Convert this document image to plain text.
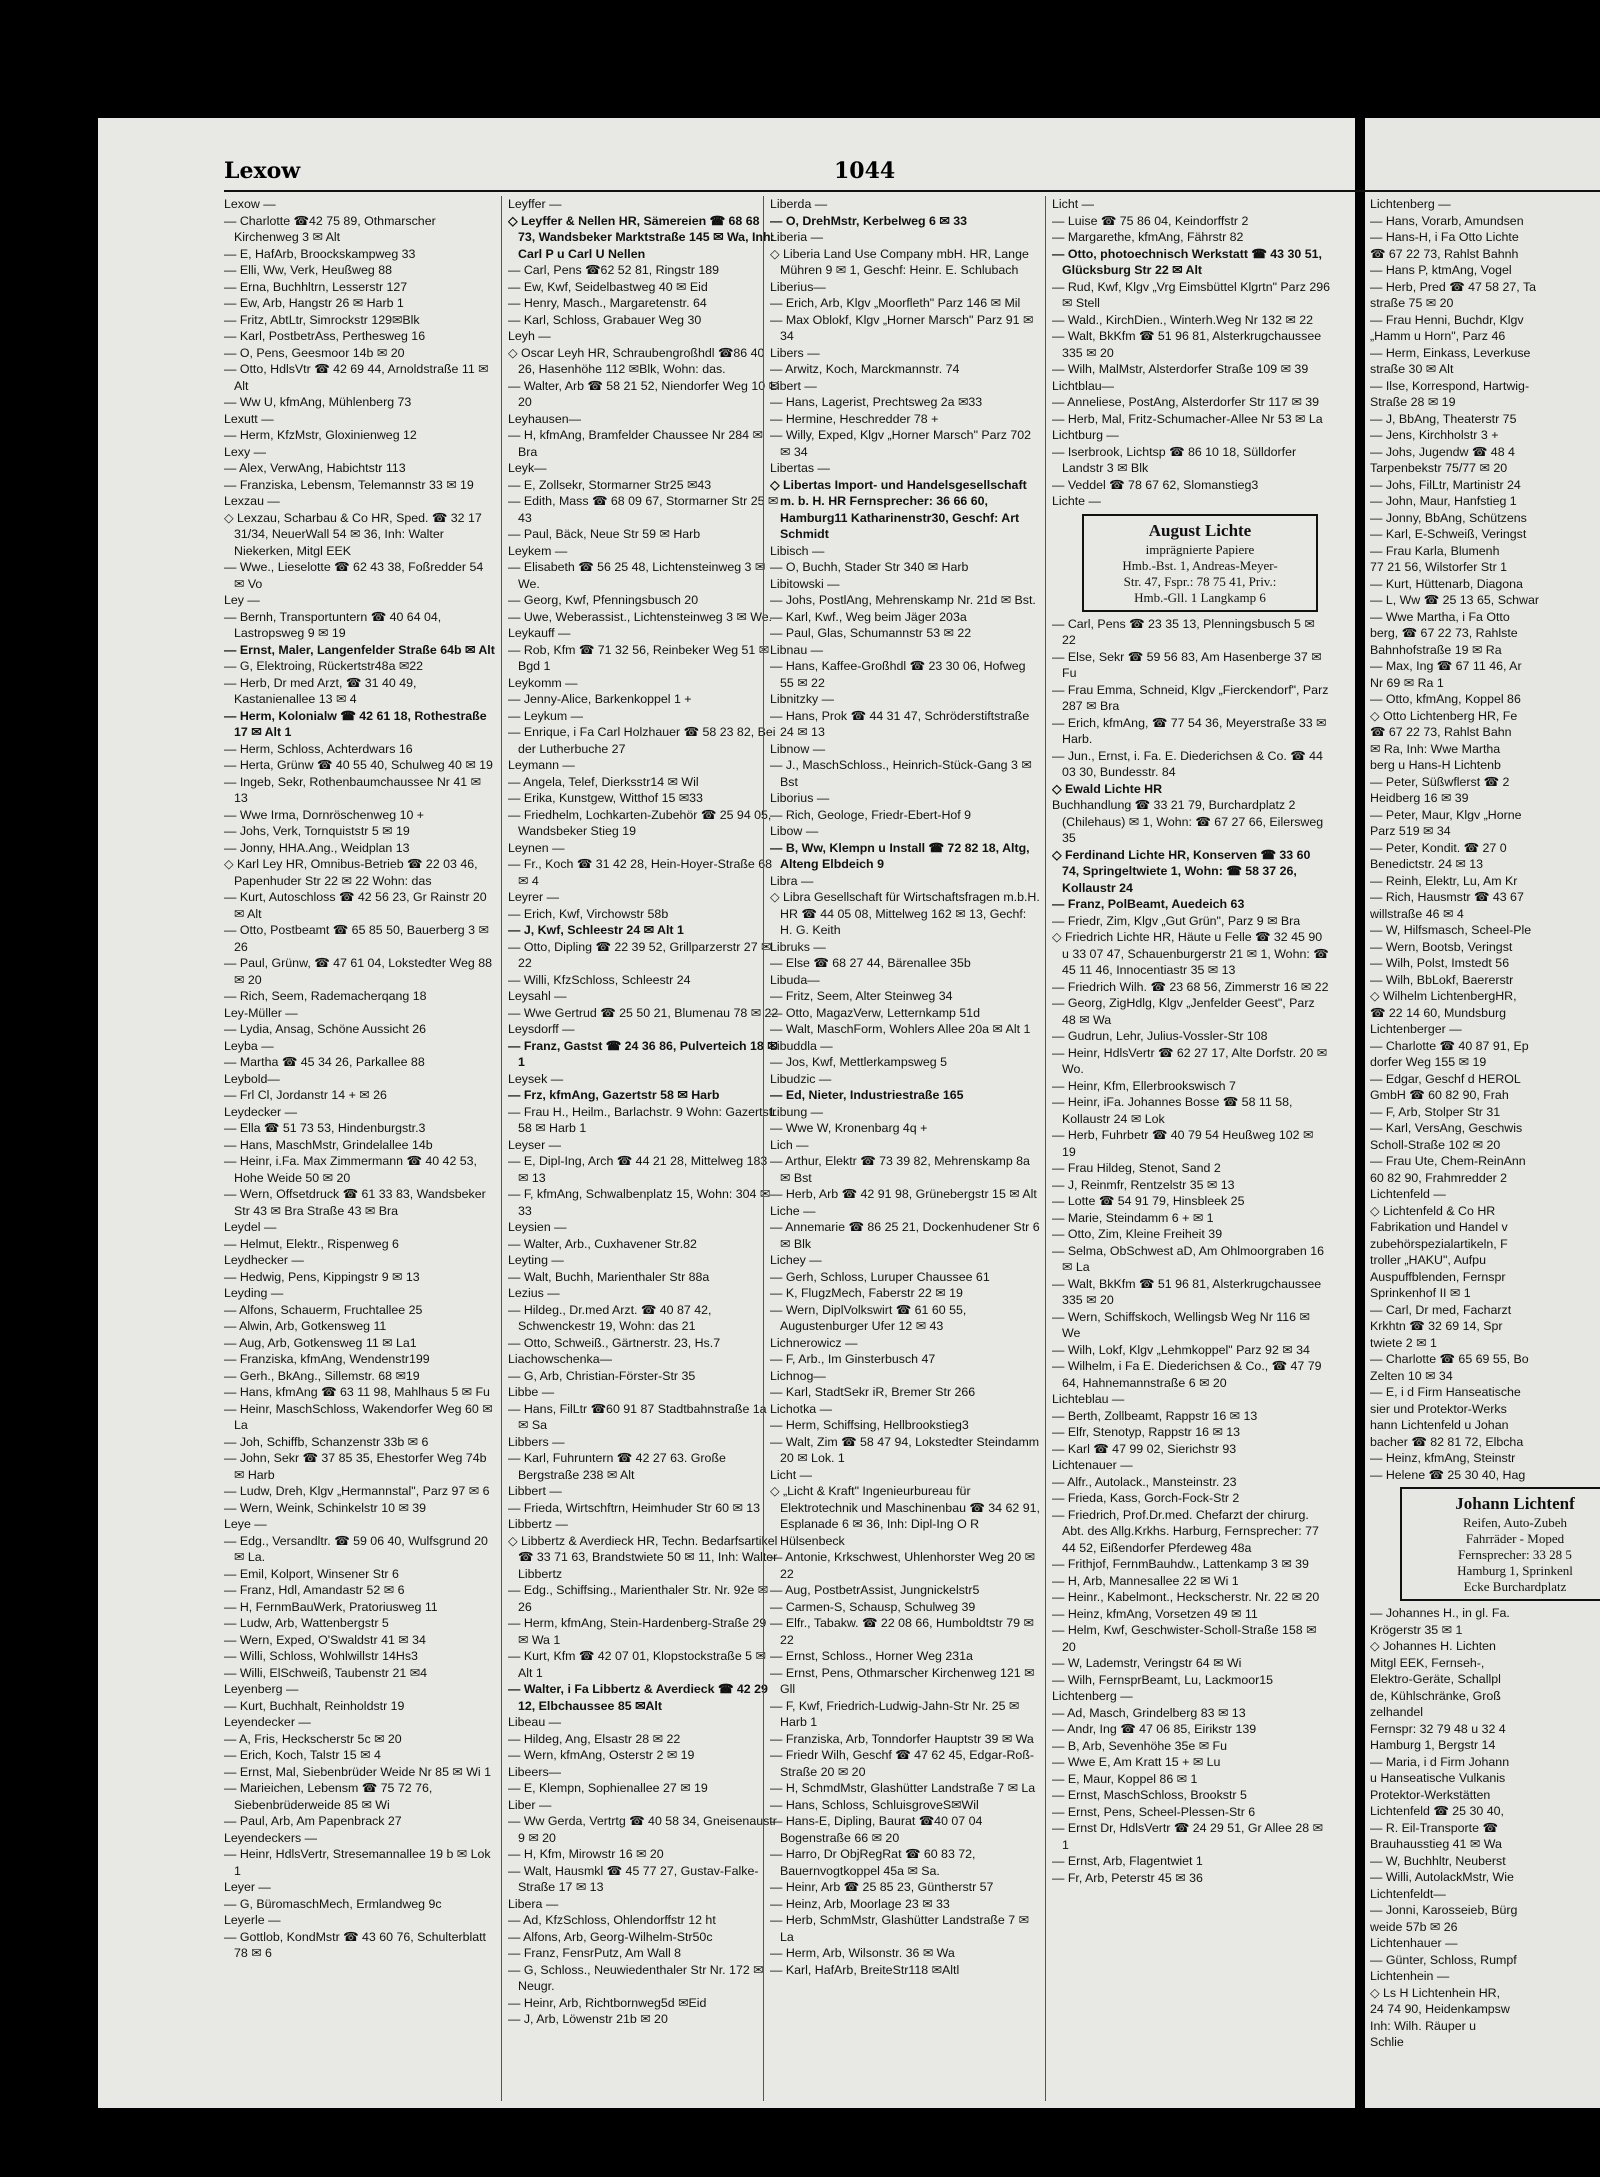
Lexow	1044
Lexow —
— Charlotte ☎42 75 89, Othmarscher Kirchenweg 3 ✉ Alt
— E, HafArb, Broockskampweg 33
— Elli, Ww, Verk, Heußweg 88
— Erna, Buchhltrn, Lesserstr 127
— Ew, Arb, Hangstr 26 ✉ Harb 1
— Fritz, AbtLtr, Simrockstr 129✉Blk
— Karl, PostbetrAss, Perthesweg 16
— O, Pens, Geesmoor 14b ✉ 20
— Otto, HdlsVtr ☎ 42 69 44, Arnoldstraße 11 ✉ Alt
— Ww U, kfmAng, Mühlenberg 73
Lexutt —
— Herm, KfzMstr, Gloxinienweg 12
Lexy —
— Alex, VerwAng, Habichtstr 113
— Franziska, Lebensm, Telemannstr 33 ✉ 19
Lexzau —
◇ Lexzau, Scharbau & Co HR, Sped. ☎ 32 17 31/34, NeuerWall 54 ✉ 36, Inh: Walter Niekerken, Mitgl EEK
— Wwe., Lieselotte ☎ 62 43 38, Foßredder 54 ✉ Vo
Ley —
— Bernh, Transportuntern ☎ 40 64 04, Lastropsweg 9 ✉ 19
— Ernst, Maler, Langenfelder Straße 64b ✉ Alt
— G, Elektroing, Rückertstr48a ✉22
— Herb, Dr med Arzt, ☎ 31 40 49, Kastanienallee 13 ✉ 4
— Herm, Kolonialw ☎ 42 61 18, Rothestraße 17 ✉ Alt 1
— Herm, Schloss, Achterdwars 16
— Herta, Grünw ☎ 40 55 40, Schulweg 40 ✉ 19
— Ingeb, Sekr, Rothenbaumchaussee Nr 41 ✉ 13
— Wwe Irma, Dornröschenweg 10 +
— Johs, Verk, Tornquiststr 5 ✉ 19
— Jonny, HHA.Ang., Weidplan 13
◇ Karl Ley HR, Omnibus-Betrieb ☎ 22 03 46, Papenhuder Str 22 ✉ 22 Wohn: das
— Kurt, Autoschloss ☎ 42 56 23, Gr Rainstr 20 ✉ Alt
— Otto, Postbeamt ☎ 65 85 50, Bauerberg 3 ✉ 26
— Paul, Grünw, ☎ 47 61 04, Lokstedter Weg 88 ✉ 20
— Rich, Seem, Rademacherqang 18
Ley-Müller —
— Lydia, Ansag, Schöne Aussicht 26
Leyba —
— Martha ☎ 45 34 26, Parkallee 88
Leybold—
— Frl Cl, Jordanstr 14 + ✉ 26
Leydecker —
— Ella ☎ 51 73 53, Hindenburgstr.3
— Hans, MaschMstr, Grindelallee 14b
— Heinr, i.Fa. Max Zimmermann ☎ 40 42 53, Hohe Weide 50 ✉ 20
— Wern, Offsetdruck ☎ 61 33 83, Wandsbeker Str 43 ✉ Bra Straße 43 ✉ Bra
Leydel —
— Helmut, Elektr., Rispenweg 6
Leydhecker —
— Hedwig, Pens, Kippingstr 9 ✉ 13
Leyding —
— Alfons, Schauerm, Fruchtallee 25
— Alwin, Arb, Gotkensweg 11
— Aug, Arb, Gotkensweg 11 ✉ La1
— Franziska, kfmAng, Wendenstr199
— Gerh., BkAng., Sillemstr. 68 ✉19
— Hans, kfmAng ☎ 63 11 98, Mahlhaus 5 ✉ Fu
— Heinr, MaschSchloss, Wakendorfer Weg 60 ✉ La
— Joh, Schiffb, Schanzenstr 33b ✉ 6
— John, Sekr ☎ 37 85 35, Ehestorfer Weg 74b ✉ Harb
— Ludw, Dreh, Klgv „Hermannstal", Parz 97 ✉ 6
— Wern, Weink, Schinkelstr 10 ✉ 39
Leye —
— Edg., Versandltr. ☎ 59 06 40, Wulfsgrund 20 ✉ La.
— Emil, Kolport, Winsener Str 6
— Franz, Hdl, Amandastr 52 ✉ 6
— H, FernmBauWerk, Pratoriusweg 11
— Ludw, Arb, Wattenbergstr 5
— Wern, Exped, O'Swaldstr 41 ✉ 34
— Willi, Schloss, Wohlwillstr 14Hs3
— Willi, ElSchweiß, Taubenstr 21 ✉4
Leyenberg —
— Kurt, Buchhalt, Reinholdstr 19
Leyendecker —
— A, Fris, Heckscherstr 5c ✉ 20
— Erich, Koch, Talstr 15 ✉ 4
— Ernst, Mal, Siebenbrüder Weide Nr 85 ✉ Wi 1
— Marieichen, Lebensm ☎ 75 72 76, Siebenbrüderweide 85 ✉ Wi
— Paul, Arb, Am Papenbrack 27
Leyendeckers —
— Heinr, HdlsVertr, Stresemannallee 19 b ✉ Lok 1
Leyer —
— G, BüromaschMech, Ermlandweg 9c
Leyerle —
— Gottlob, KondMstr ☎ 43 60 76, Schulterblatt 78 ✉ 6
Leyffer —
◇ Leyffer & Nellen HR, Sämereien ☎ 68 68 73, Wandsbeker Marktstraße 145 ✉ Wa, Inh: Carl P u Carl U Nellen
— Carl, Pens ☎62 52 81, Ringstr 189
— Ew, Kwf, Seidelbastweg 40 ✉ Eid
— Henry, Masch., Margaretenstr. 64
— Karl, Schloss, Grabauer Weg 30
Leyh —
◇ Oscar Leyh HR, Schraubengroßhdl ☎86 40 26, Hasenhöhe 112 ✉Blk, Wohn: das.
— Walter, Arb ☎ 58 21 52, Niendorfer Weg 10 ✉ 20
Leyhausen—
— H, kfmAng, Bramfelder Chaussee Nr 284 ✉ Bra
Leyk—
— E, Zollsekr, Stormarner Str25 ✉43
— Edith, Mass ☎ 68 09 67, Stormarner Str 25 ✉ 43
— Paul, Bäck, Neue Str 59 ✉ Harb
Leykem —
— Elisabeth ☎ 56 25 48, Lichtensteinweg 3 ✉ We.
— Georg, Kwf, Pfenningsbusch 20
— Uwe, Weberassist., Lichtensteinweg 3 ✉ We.
Leykauff —
— Rob, Kfm ☎ 71 32 56, Reinbeker Weg 51 ✉ Bgd 1
Leykomm —
— Jenny-Alice, Barkenkoppel 1 +
— Leykum —
— Enrique, i Fa Carl Holzhauer ☎ 58 23 82, Bei der Lutherbuche 27
Leymann —
— Angela, Telef, Dierksstr14 ✉ Wil
— Erika, Kunstgew, Witthof 15 ✉33
— Friedhelm, Lochkarten-Zubehör ☎ 25 94 05, Wandsbeker Stieg 19
Leynen —
— Fr., Koch ☎ 31 42 28, Hein-Hoyer-Straße 68 ✉ 4
Leyrer —
— Erich, Kwf, Virchowstr 58b
— J, Kwf, Schleestr 24 ✉ Alt 1
— Otto, Dipling ☎ 22 39 52, Grillparzerstr 27 ✉ 22
— Willi, KfzSchloss, Schleestr 24
Leysahl —
— Wwe Gertrud ☎ 25 50 21, Blumenau 78 ✉ 22
Leysdorff —
— Franz, Gastst ☎ 24 36 86, Pulverteich 18 ✉1
Leysek —
— Frz, kfmAng, Gazertstr 58 ✉ Harb
— Frau H., Heilm., Barlachstr. 9 Wohn: Gazertstr 58 ✉ Harb 1
Leyser —
— E, Dipl-Ing, Arch ☎ 44 21 28, Mittelweg 183 ✉ 13
— F, kfmAng, Schwalbenplatz 15, Wohn: 304 ✉ 33
Leysien —
— Walter, Arb., Cuxhavener Str.82
Leyting —
— Walt, Buchh, Marienthaler Str 88a
Lezius —
— Hildeg., Dr.med Arzt. ☎ 40 87 42, Schwenckestr 19, Wohn: das 21
— Otto, Schweiß., Gärtnerstr. 23, Hs.7
Liachowschenka—
— G, Arb, Christian-Förster-Str 35
Libbe —
— Hans, FilLtr ☎60 91 87 Stadtbahnstraße 1a ✉ Sa
Libbers —
— Karl, Fuhruntern ☎ 42 27 63. Große Bergstraße 238 ✉ Alt
Libbert —
— Frieda, Wirtschftrn, Heimhuder Str 60 ✉ 13
Libbertz —
◇ Libbertz & Averdieck HR, Techn. Bedarfsartikel ☎ 33 71 63, Brandstwiete 50 ✉ 11, Inh: Walter Libbertz
— Edg., Schiffsing., Marienthaler Str. Nr. 92e ✉ 26
— Herm, kfmAng, Stein-Hardenberg-Straße 29 ✉ Wa 1
— Kurt, Kfm ☎ 42 07 01, Klopstockstraße 5 ✉ Alt 1
— Walter, i Fa Libbertz & Averdieck ☎ 42 29 12, Elbchaussee 85 ✉Alt
Libeau —
— Hildeg, Ang, Elsastr 28 ✉ 22
— Wern, kfmAng, Osterstr 2 ✉ 19
Libeers—
— E, Klempn, Sophienallee 27 ✉ 19
Liber —
— Ww Gerda, Vertrtg ☎ 40 58 34, Gneisenaustr 9 ✉ 20
— H, Kfm, Mirowstr 16 ✉ 20
— Walt, Hausmkl ☎ 45 77 27, Gustav-Falke-Straße 17 ✉ 13
Libera —
— Ad, KfzSchloss, Ohlendorffstr 12 ht
— Alfons, Arb, Georg-Wilhelm-Str50c
— Franz, FensrPutz, Am Wall 8
— G, Schloss., Neuwiedenthaler Str Nr. 172 ✉ Neugr.
— Heinr, Arb, Richtbornweg5d ✉Eid
— J, Arb, Löwenstr 21b ✉ 20
Liberda —
— O, DrehMstr, Kerbelweg 6 ✉ 33
Liberia —
◇ Liberia Land Use Company mbH. HR, Lange Mühren 9 ✉ 1, Geschf: Heinr. E. Schlubach
Liberius—
— Erich, Arb, Klgv „Moorfleth" Parz 146 ✉ Mil
— Max Oblokf, Klgv „Horner Marsch" Parz 91 ✉ 34
Libers —
— Arwitz, Koch, Marckmannstr. 74
Libert —
— Hans, Lagerist, Prechtsweg 2a ✉33
— Hermine, Heschredder 78 +
— Willy, Exped, Klgv „Horner Marsch" Parz 702 ✉ 34
Libertas —
◇ Libertas Import- und Handelsgesellschaft m. b. H. HR Fernsprecher: 36 66 60, Hamburg11 Katharinenstr30, Geschf: Art Schmidt
Libisch —
— O, Buchh, Stader Str 340 ✉ Harb
Libitowski —
— Johs, PostlAng, Mehrenskamp Nr. 21d ✉ Bst.
— Karl, Kwf., Weg beim Jäger 203a
— Paul, Glas, Schumannstr 53 ✉ 22
Libnau —
— Hans, Kaffee-Großhdl ☎ 23 30 06, Hofweg 55 ✉ 22
Libnitzky —
— Hans, Prok ☎ 44 31 47, Schröderstiftstraße 24 ✉ 13
Libnow —
— J., MaschSchloss., Heinrich-Stück-Gang 3 ✉ Bst
Liborius —
— Rich, Geologe, Friedr-Ebert-Hof 9
Libow —
— B, Ww, Klempn u Install ☎ 72 82 18, Altg, Alteng Elbdeich 9
Libra —
◇ Libra Gesellschaft für Wirtschaftsfragen m.b.H. HR ☎ 44 05 08, Mittelweg 162 ✉ 13, Gechf: H. G. Keith
Libruks —
— Else ☎ 68 27 44, Bärenallee 35b
Libuda—
— Fritz, Seem, Alter Steinweg 34
— Otto, MagazVerw, Letternkamp 51d
— Walt, MaschForm, Wohlers Allee 20a ✉ Alt 1
Libuddla —
— Jos, Kwf, Mettlerkampsweg 5
Libudzic —
— Ed, Nieter, Industriestraße 165
Libung —
— Wwe W, Kronenbarg 4q +
Lich —
— Arthur, Elektr ☎ 73 39 82, Mehrenskamp 8a ✉ Bst
— Herb, Arb ☎ 42 91 98, Grünebergstr 15 ✉ Alt
Liche —
— Annemarie ☎ 86 25 21, Dockenhudener Str 6 ✉ Blk
Lichey —
— Gerh, Schloss, Luruper Chaussee 61
— K, FlugzMech, Faberstr 22 ✉ 19
— Wern, DiplVolkswirt ☎ 61 60 55, Augustenburger Ufer 12 ✉ 43
Lichnerowicz —
— F, Arb., Im Ginsterbusch 47
Lichnog—
— Karl, StadtSekr iR, Bremer Str 266
Lichotka —
— Herm, Schiffsing, Hellbrookstieg3
— Walt, Zim ☎ 58 47 94, Lokstedter Steindamm 20 ✉ Lok. 1
Licht —
◇ „Licht & Kraft" Ingenieurbureau für Elektrotechnik und Maschinenbau ☎ 34 62 91, Esplanade 6 ✉ 36, Inh: Dipl-Ing O R Hülsenbeck
— Antonie, Krkschwest, Uhlenhorster Weg 20 ✉ 22
— Aug, PostbetrAssist, Jungnickelstr5
— Carmen-S, Schausp, Schulweg 39
— Elfr., Tabakw. ☎ 22 08 66, Humboldtstr 79 ✉ 22
— Ernst, Schloss., Horner Weg 231a
— Ernst, Pens, Othmarscher Kirchenweg 121 ✉ Gll
— F, Kwf, Friedrich-Ludwig-Jahn-Str Nr. 25 ✉ Harb 1
— Franziska, Arb, Tonndorfer Hauptstr 39 ✉ Wa
— Friedr Wilh, Geschf ☎ 47 62 45, Edgar-Roß-Straße 20 ✉ 20
— H, SchmdMstr, Glashütter Landstraße 7 ✉ La
— Hans, Schloss, SchluisgroveS✉Wil
— Hans-E, Dipling, Baurat ☎40 07 04 Bogenstraße 66 ✉ 20
— Harro, Dr ObjRegRat ☎ 60 83 72, Bauernvogtkoppel 45a ✉ Sa.
— Heinr, Arb ☎ 25 85 23, Güntherstr 57
— Heinz, Arb, Moorlage 23 ✉ 33
— Herb, SchmMstr, Glashütter Landstraße 7 ✉ La
— Herm, Arb, Wilsonstr. 36 ✉ Wa
— Karl, HafArb, BreiteStr118 ✉Altl
Licht —
— Luise ☎ 75 86 04, Keindorffstr 2
— Margarethe, kfmAng, Fährstr 82
— Otto, photoechnisch Werkstatt ☎ 43 30 51, Glücksburg Str 22 ✉ Alt
— Rud, Kwf, Klgv „Vrg Eimsbüttel Klgrtn" Parz 296 ✉ Stell
— Wald., KirchDien., Winterh.Weg Nr 132 ✉ 22
— Walt, BkKfm ☎ 51 96 81, Alsterkrugchaussee 335 ✉ 20
— Wilh, MalMstr, Alsterdorfer Straße 109 ✉ 39
Lichtblau—
— Anneliese, PostAng, Alsterdorfer Str 117 ✉ 39
— Herb, Mal, Fritz-Schumacher-Allee Nr 53 ✉ La
Lichtburg —
— Iserbrook, Lichtsp ☎ 86 10 18, Sülldorfer Landstr 3 ✉ Blk
— Veddel ☎ 78 67 62, Slomanstieg3
Lichte —
August Lichte
imprägnierte Papiere
Hmb.-Bst. 1, Andreas-Meyer-
Str. 47, Fspr.: 78 75 41, Priv.:
Hmb.-Gll. 1 Langkamp 6
— Carl, Pens ☎ 23 35 13, Plenningsbusch 5 ✉ 22
— Else, Sekr ☎ 59 56 83, Am Hasenberge 37 ✉ Fu
— Frau Emma, Schneid, Klgv „Fierckendorf", Parz 287 ✉ Bra
— Erich, kfmAng, ☎ 77 54 36, Meyerstraße 33 ✉ Harb.
— Jun., Ernst, i. Fa. E. Diederichsen & Co. ☎ 44 03 30, Bundesstr. 84
◇ Ewald Lichte HR
Buchhandlung ☎ 33 21 79, Burchardplatz 2 (Chilehaus) ✉ 1, Wohn: ☎ 67 27 66, Eilersweg 35
◇ Ferdinand Lichte HR, Konserven ☎ 33 60 74, Springeltwiete 1, Wohn: ☎ 58 37 26, Kollaustr 24
— Franz, PolBeamt, Auedeich 63
— Friedr, Zim, Klgv „Gut Grün", Parz 9 ✉ Bra
◇ Friedrich Lichte HR, Häute u Felle ☎ 32 45 90 u 33 07 47, Schauenburgerstr 21 ✉ 1, Wohn: ☎ 45 11 46, Innocentiastr 35 ✉ 13
— Friedrich Wilh. ☎ 23 68 56, Zimmerstr 16 ✉ 22
— Georg, ZigHdlg, Klgv „Jenfelder Geest", Parz 48 ✉ Wa
— Gudrun, Lehr, Julius-Vossler-Str 108
— Heinr, HdlsVertr ☎ 62 27 17, Alte Dorfstr. 20 ✉ Wo.
— Heinr, Kfm, Ellerbrookswisch 7
— Heinr, iFa. Johannes Bosse ☎ 58 11 58, Kollaustr 24 ✉ Lok
— Herb, Fuhrbetr ☎ 40 79 54 Heußweg 102 ✉ 19
— Frau Hildeg, Stenot, Sand 2
— J, Reinmfr, Rentzelstr 35 ✉ 13
— Lotte ☎ 54 91 79, Hinsbleek 25
— Marie, Steindamm 6 + ✉ 1
— Otto, Zim, Kleine Freiheit 39
— Selma, ObSchwest aD, Am Ohlmoorgraben 16 ✉ La
— Walt, BkKfm ☎ 51 96 81, Alsterkrugchaussee 335 ✉ 20
— Wern, Schiffskoch, Wellingsb Weg Nr 116 ✉ We
— Wilh, Lokf, Klgv „Lehmkoppel" Parz 92 ✉ 34
— Wilhelm, i Fa E. Diederichsen & Co., ☎ 47 79 64, Hahnemannstraße 6 ✉ 20
Lichteblau —
— Berth, Zollbeamt, Rappstr 16 ✉ 13
— Elfr, Stenotyp, Rappstr 16 ✉ 13
— Karl ☎ 47 99 02, Sierichstr 93
Lichtenauer —
— Alfr., Autolack., Mansteinstr. 23
— Frieda, Kass, Gorch-Fock-Str 2
— Friedrich, Prof.Dr.med. Chefarzt der chirurg. Abt. des Allg.Krkhs. Harburg, Fernsprecher: 77 44 52, Eißendorfer Pferdeweg 48a
— Frithjof, FernmBauhdw., Lattenkamp 3 ✉ 39
— H, Arb, Mannesallee 22 ✉ Wi 1
— Heinr., Kabelmont., Heckscherstr. Nr. 22 ✉ 20
— Heinz, kfmAng, Vorsetzen 49 ✉ 11
— Helm, Kwf, Geschwister-Scholl-Straße 158 ✉ 20
— W, Lademstr, Veringstr 64 ✉ Wi
— Wilh, FernsprBeamt, Lu, Lackmoor15
Lichtenberg —
— Ad, Masch, Grindelberg 83 ✉ 13
— Andr, Ing ☎ 47 06 85, Eirikstr 139
— B, Arb, Sevenhöhe 35e ✉ Fu
— Wwe E, Am Kratt 15 + ✉ Lu
— E, Maur, Koppel 86 ✉ 1
— Ernst, MaschSchloss, Brookstr 5
— Ernst, Pens, Scheel-Plessen-Str 6
— Ernst Dr, HdlsVertr ☎ 24 29 51, Gr Allee 28 ✉ 1
— Ernst, Arb, Flagentwiet 1
— Fr, Arb, Peterstr 45 ✉ 36
Lichtenberg —
— Hans, Vorarb, Amundsen
— Hans-H, i Fa Otto Lichte
☎ 67 22 73, Rahlst Bahnh
— Hans P, ktmAng, Vogel
— Herb, Pred ☎ 47 58 27, Ta
straße 75 ✉ 20
— Frau Henni, Buchdr, Klgv
„Hamm u Horn", Parz 46
— Herm, Einkass, Leverkuse
straße 30 ✉ Alt
— Ilse, Korrespond, Hartwig-
Straße 28 ✉ 19
— J, BbAng, Theaterstr 75
— Jens, Kirchholstr 3 +
— Johs, Jugendw ☎ 48 4
Tarpenbekstr 75/77 ✉ 20
— Johs, FilLtr, Martinistr 24
— John, Maur, Hanfstieg 1
— Jonny, BbAng, Schützens
— Karl, E-Schweiß, Veringst
— Frau Karla, Blumenh
77 21 56, Wilstorfer Str 1
— Kurt, Hüttenarb, Diagona
— L, Ww ☎ 25 13 65, Schwar
— Wwe Martha, i Fa Otto
berg, ☎ 67 22 73, Rahlste
Bahnhofstraße 19 ✉ Ra
— Max, Ing ☎ 67 11 46, Ar
Nr 69 ✉ Ra 1
— Otto, kfmAng, Koppel 86
◇ Otto Lichtenberg HR, Fe
☎ 67 22 73, Rahlst Bahn
✉ Ra, Inh: Wwe Martha
berg u Hans-H Lichtenb
— Peter, Süßwflerst ☎ 2
Heidberg 16 ✉ 39
— Peter, Maur, Klgv „Horne
Parz 519 ✉ 34
— Peter, Kondit. ☎ 27 0
Benedictstr. 24 ✉ 13
— Reinh, Elektr, Lu, Am Kr
— Rich, Hausmstr ☎ 43 67
willstraße 46 ✉ 4
— W, Hilfsmasch, Scheel-Ple
— Wern, Bootsb, Veringst
— Wilh, Polst, Imstedt 56
— Wilh, BbLokf, Baererstr
◇ Wilhelm LichtenbergHR,
☎ 22 14 60, Mundsburg
Lichtenberger —
— Charlotte ☎ 40 87 91, Ep
dorfer Weg 155 ✉ 19
— Edgar, Geschf d HEROL
GmbH ☎ 60 82 90, Frah
— F, Arb, Stolper Str 31
— Karl, VersAng, Geschwis
Scholl-Straße 102 ✉ 20
— Frau Ute, Chem-ReinAnn
60 82 90, Frahmredder 2
Lichtenfeld —
◇ Lichtenfeld & Co HR
Fabrikation und Handel v
zubehörspezialartikeln, F
troller „HAKU", Aufpu
Auspuffblenden, Fernspr
Sprinkenhof II ✉ 1
— Carl, Dr med, Facharzt
Krkhtn ☎ 32 69 14, Spr
twiete 2 ✉ 1
— Charlotte ☎ 65 69 55, Bo
Zelten 10 ✉ 34
— E, i d Firm Hanseatische
sier und Protektor-Werks
hann Lichtenfeld u Johan
bacher ☎ 82 81 72, Elbcha
— Heinz, kfmAng, Steinstr
— Helene ☎ 25 30 40, Hag
Johann Lichtenf
Reifen, Auto-Zubeh
Fahrräder - Moped
Fernsprecher: 33 28 5
Hamburg 1, Sprinkenl
Ecke Burchardplatz
— Johannes H., in gl. Fa.
Krögerstr 35 ✉ 1
◇ Johannes H. Lichten
Mitgl EEK, Fernseh-,
Elektro-Geräte, Schallpl
de, Kühlschränke, Groß
zelhandel
Fernspr: 32 79 48 u 32 4
Hamburg 1, Bergstr 14
— Maria, i d Firm Johann
u Hanseatische Vulkanis
Protektor-Werkstätten
Lichtenfeld ☎ 25 30 40,
— R. Eil-Transporte ☎
Brauhausstieg 41 ✉ Wa
— W, Buchhltr, Neuberst
— Willi, AutolackMstr, Wie
Lichtenfeldt—
— Jonni, Karosseieb, Bürg
weide 57b ✉ 26
Lichtenhauer —
— Günter, Schloss, Rumpf
Lichtenhein —
◇ Ls H Lichtenhein HR,
24 74 90, Heidenkampsw
Inh: Wilh. Räuper u
Schlie
